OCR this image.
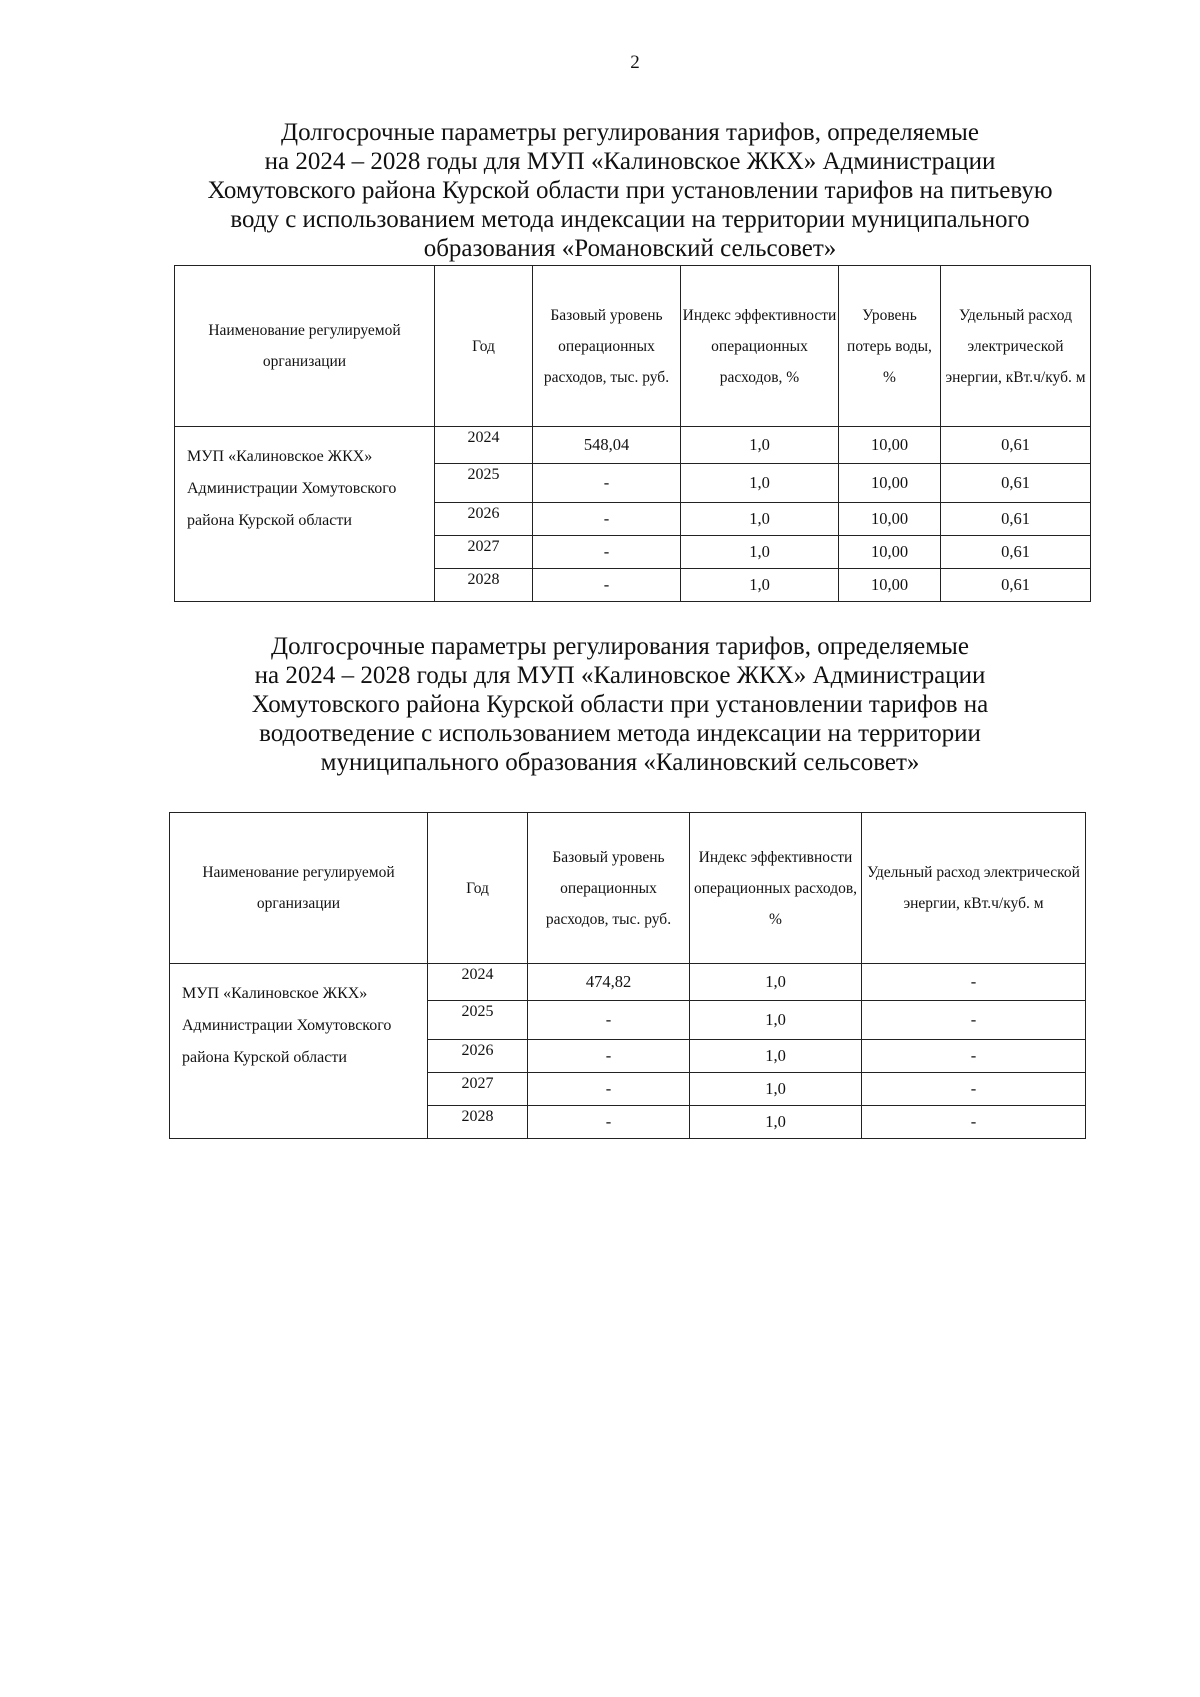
2
Долгосрочные параметры регулирования тарифов, определяемые
на 2024 – 2028 годы для МУП «Калиновское ЖКХ» Администрации
Хомутовского района Курской области при установлении тарифов на питьевую
воду с использованием метода индексации на территории муниципального
образования «Романовский сельсовет»
Наименование регулируемой организации	Год	Базовый уровень операционных расходов, тыс. руб.	Индекс эффективности операционных расходов, %	Уровень потерь воды, %	Удельный расход электрической энергии, кВт.ч/куб. м
МУП «Калиновское ЖКХ» Администрации Хомутовского района Курской области	2024	548,04	1,0	10,00	0,61
	2025	-	1,0	10,00	0,61
	2026	-	1,0	10,00	0,61
	2027	-	1,0	10,00	0,61
	2028	-	1,0	10,00	0,61
Долгосрочные параметры регулирования тарифов, определяемые
на 2024 – 2028 годы для МУП «Калиновское ЖКХ» Администрации
Хомутовского района Курской области при установлении тарифов на
водоотведение с использованием метода индексации на территории
муниципального образования «Калиновский сельсовет»
Наименование регулируемой организации	Год	Базовый уровень операционных расходов, тыс. руб.	Индекс эффективности операционных расходов, %	Удельный расход электрической энергии, кВт.ч/куб. м
МУП «Калиновское ЖКХ» Администрации Хомутовского района Курской области	2024	474,82	1,0	-
	2025	-	1,0	-
	2026	-	1,0	-
	2027	-	1,0	-
	2028	-	1,0	-
